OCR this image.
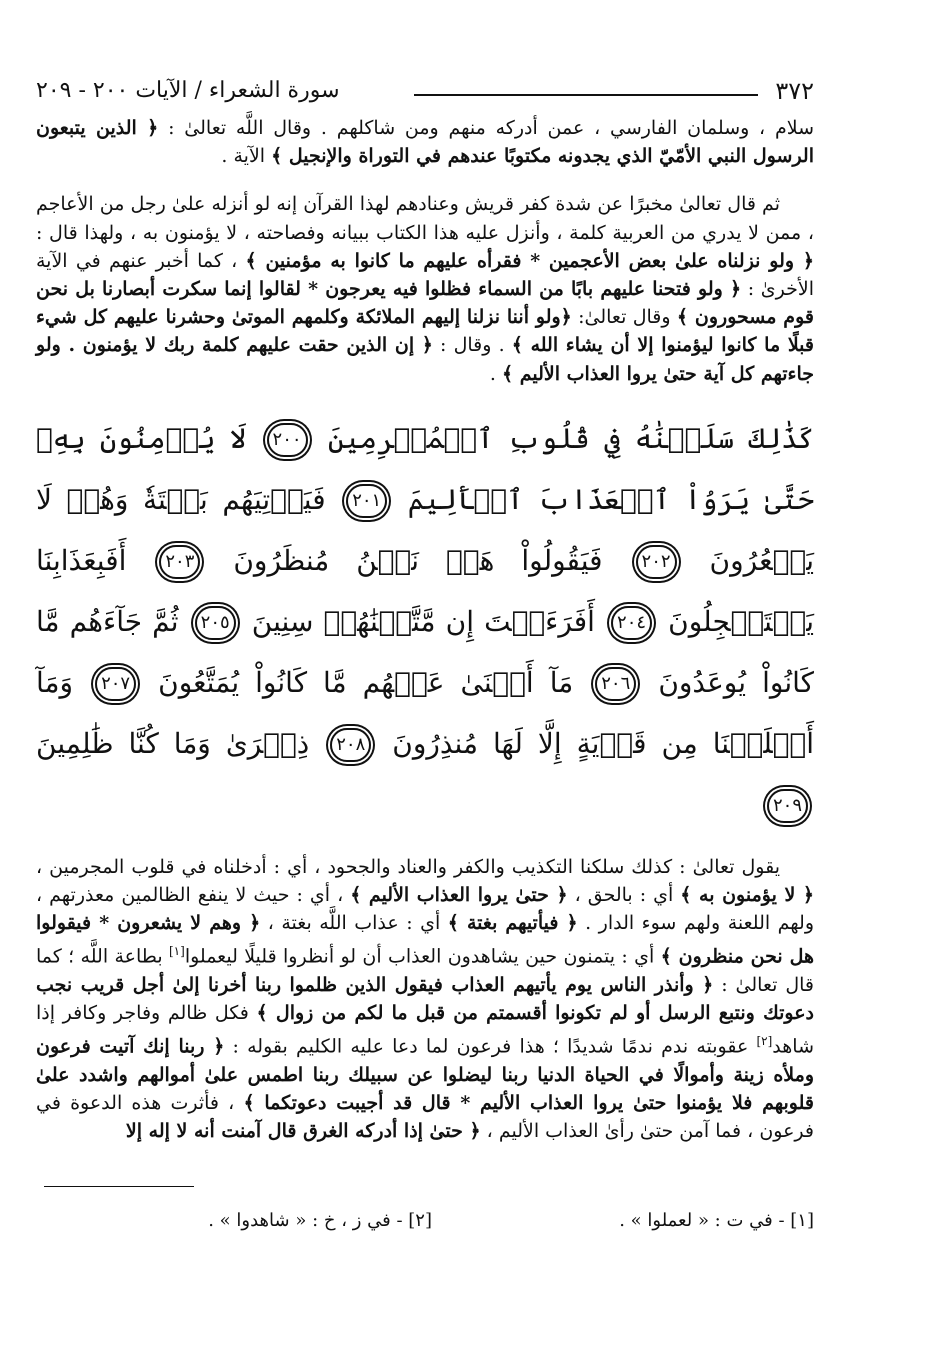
٣٧٢
سورة الشعراء / الآيات ٢٠٠ - ٢٠٩

سلام ، وسلمان الفارسي ، عمن أدركه منهم ومن شاكلهم . وقال اللَّه تعالىٰ : ﴿ الذين يتبعون الرسول النبي الأمّيّ الذي يجدونه مكتوبًا عندهم في التوراة والإنجيل ﴾ الآية .

ثم قال تعالىٰ مخبرًا عن شدة كفر قريش وعنادهم لهذا القرآن إنه لو أنزله علىٰ رجل من الأعاجم ، ممن لا يدري من العربية كلمة ، وأنزل عليه هذا الكتاب ببيانه وفصاحته ، لا يؤمنون به ، ولهذا قال : ﴿ ولو نزلناه علىٰ بعض الأعجمين * فقرأه عليهم ما كانوا به مؤمنين ﴾ ، كما أخبر عنهم في الآية الأخرىٰ : ﴿ ولو فتحنا عليهم بابًا من السماء فظلوا فيه يعرجون * لقالوا إنما سكرت أبصارنا بل نحن قوم مسحورون ﴾ وقال تعالىٰ: ﴿ولو أننا نزلنا إليهم الملائكة وكلمهم الموتىٰ وحشرنا عليهم كل شيء قبلًا ما كانوا ليؤمنوا إلا أن يشاء الله ﴾ . وقال : ﴿ إن الذين حقت عليهم كلمة ربك لا يؤمنون . ولو جاءتهم كل آية حتىٰ يروا العذاب الأليم ﴾ .

كَذَٰلِكَ سَلَكۡنَٰهُ فِي قُلُوبِ ٱلۡمُجۡرِمِينَ ٢٠٠ لَا يُؤۡمِنُونَ بِهِۦ حَتَّىٰ يَرَوُاْ ٱلۡعَذَابَ ٱلۡأَلِيمَ ٢٠١ فَيَأۡتِيَهُم بَغۡتَةٗ وَهُمۡ لَا يَشۡعُرُونَ ٢٠٢ فَيَقُولُواْ هَلۡ نَحۡنُ مُنظَرُونَ ٢٠٣ أَفَبِعَذَابِنَا يَسۡتَعۡجِلُونَ ٢٠٤ أَفَرَءَيۡتَ إِن مَّتَّعۡنَٰهُمۡ سِنِينَ ٢٠٥ ثُمَّ جَآءَهُم مَّا كَانُواْ يُوعَدُونَ ٢٠٦ مَآ أَغۡنَىٰ عَنۡهُم مَّا كَانُواْ يُمَتَّعُونَ ٢٠٧ وَمَآ أَهۡلَكۡنَا مِن قَرۡيَةٍ إِلَّا لَهَا مُنذِرُونَ ٢٠٨ ذِكۡرَىٰ وَمَا كُنَّا ظَٰلِمِينَ ٢٠٩

يقول تعالىٰ : كذلك سلكنا التكذيب والكفر والعناد والجحود ، أي : أدخلناه في قلوب المجرمين ، ﴿ لا يؤمنون به ﴾ أي : بالحق ، ﴿ حتىٰ يروا العذاب الأليم ﴾ ، أي : حيث لا ينفع الظالمين معذرتهم ، ولهم اللعنة ولهم سوء الدار . ﴿ فيأتيهم بغتة ﴾ أي : عذاب اللَّه بغتة ، ﴿ وهم لا يشعرون * فيقولوا هل نحن منظرون ﴾ أي : يتمنون حين يشاهدون العذاب أن لو أنظروا قليلًا ليعملوا[١] بطاعة اللَّه ؛ كما قال تعالىٰ : ﴿ وأنذر الناس يوم يأتيهم العذاب فيقول الذين ظلموا ربنا أخرنا إلىٰ أجل قريب نجب دعوتك ونتبع الرسل أو لم تكونوا أقسمتم من قبل ما لكم من زوال ﴾ فكل ظالم وفاجر وكافر إذا شاهد[٢] عقوبته ندم ندمًا شديدًا ؛ هذا فرعون لما دعا عليه الكليم بقوله : ﴿ ربنا إنك آتيت فرعون وملأه زينة وأموالًا في الحياة الدنيا ربنا ليضلوا عن سبيلك ربنا اطمس علىٰ أموالهم واشدد علىٰ قلوبهم فلا يؤمنوا حتىٰ يروا العذاب الأليم * قال قد أجيبت دعوتكما ﴾ ، فأثرت هذه الدعوة في فرعون ، فما آمن حتىٰ رأىٰ العذاب الأليم ، ﴿ حتىٰ إذا أدركه الغرق قال آمنت أنه لا إله إلا

[١] - في ت : « لعملوا » .
[٢] - في ز ، خ : « شاهدوا » .
